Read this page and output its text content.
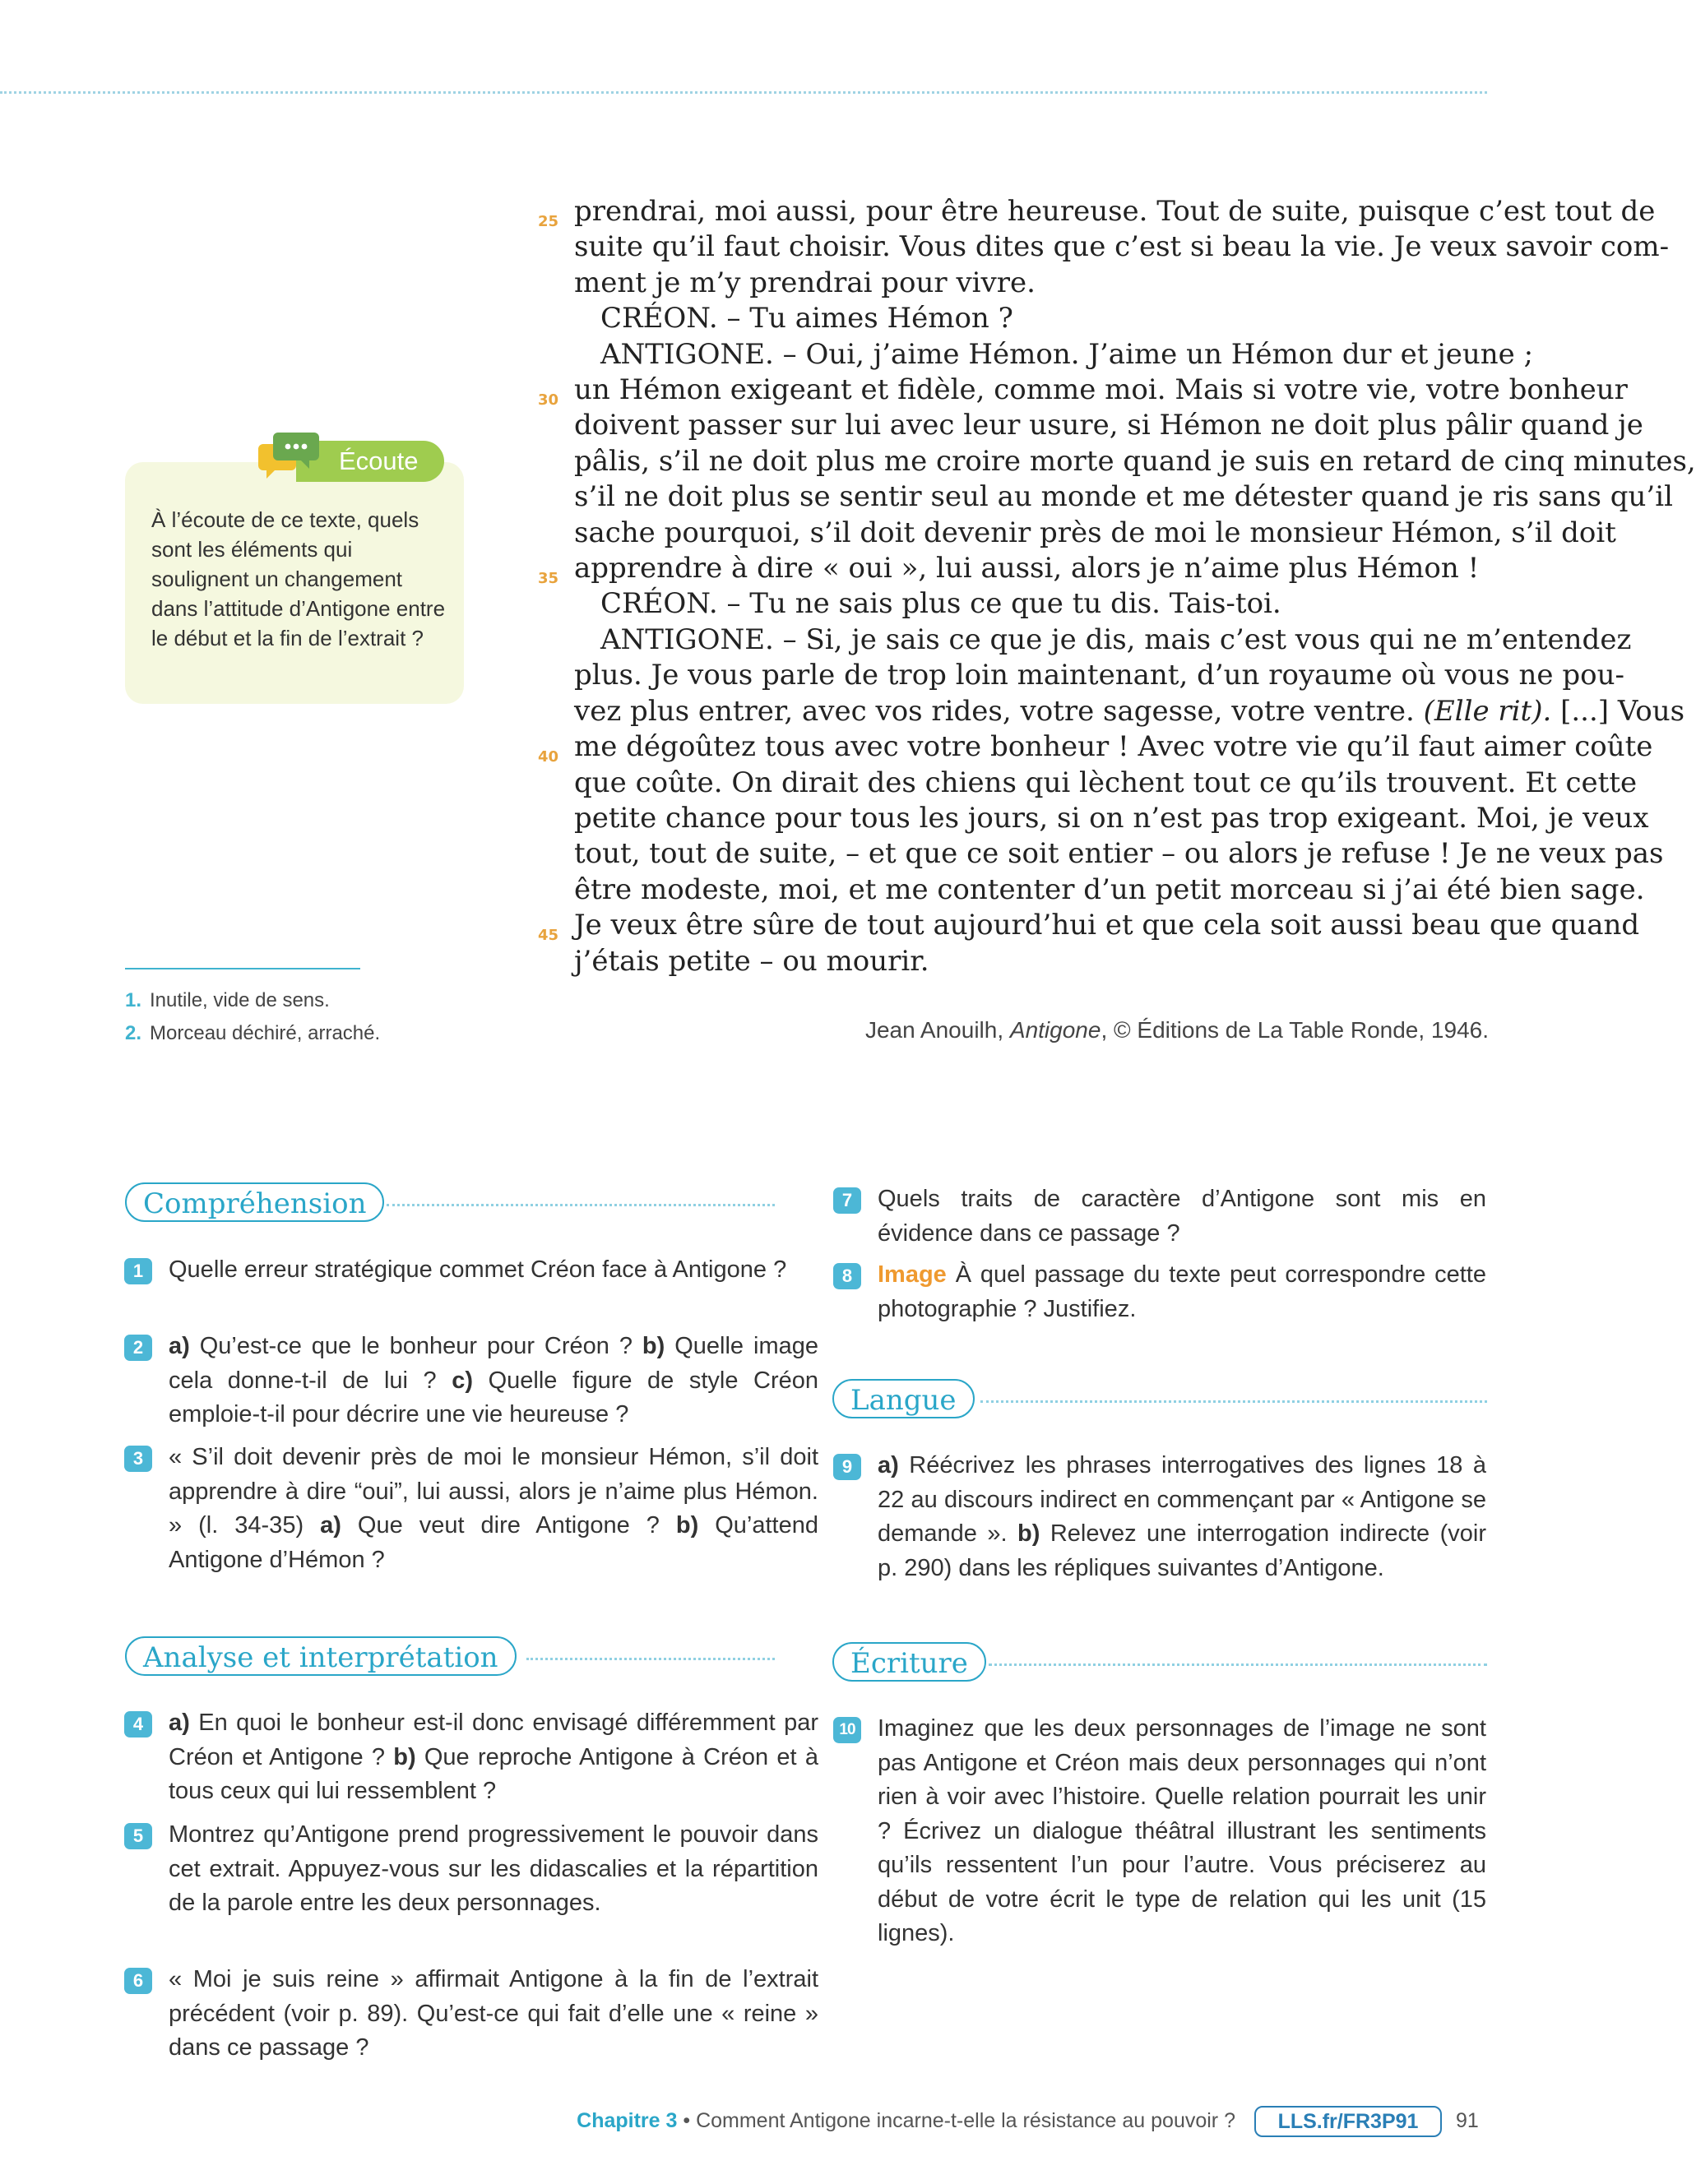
25 prendrai, moi aussi, pour être heureuse. Tout de suite, puisque c’est tout de
suite qu’il faut choisir. Vous dites que c’est si beau la vie. Je veux savoir com-
ment je m’y prendrai pour vivre.
CRÉON. – Tu aimes Hémon ?
ANTIGONE. – Oui, j’aime Hémon. J’aime un Hémon dur et jeune ;
30 un Hémon exigeant et fidèle, comme moi. Mais si votre vie, votre bonheur
doivent passer sur lui avec leur usure, si Hémon ne doit plus pâlir quand je
pâlis, s’il ne doit plus me croire morte quand je suis en retard de cinq minutes,
s’il ne doit plus se sentir seul au monde et me détester quand je ris sans qu’il
sache pourquoi, s’il doit devenir près de moi le monsieur Hémon, s’il doit
35 apprendre à dire « oui », lui aussi, alors je n’aime plus Hémon !
CRÉON. – Tu ne sais plus ce que tu dis. Tais-toi.
ANTIGONE. – Si, je sais ce que je dis, mais c’est vous qui ne m’entendez
plus. Je vous parle de trop loin maintenant, d’un royaume où vous ne pou-
vez plus entrer, avec vos rides, votre sagesse, votre ventre. (Elle rit). [...] Vous
40 me dégoûtez tous avec votre bonheur ! Avec votre vie qu’il faut aimer coûte
que coûte. On dirait des chiens qui lèchent tout ce qu’ils trouvent. Et cette
petite chance pour tous les jours, si on n’est pas trop exigeant. Moi, je veux
tout, tout de suite, – et que ce soit entier – ou alors je refuse ! Je ne veux pas
être modeste, moi, et me contenter d’un petit morceau si j’ai été bien sage.
45 Je veux être sûre de tout aujourd’hui et que cela soit aussi beau que quand
j’étais petite – ou mourir.
Jean Anouilh, Antigone, © Éditions de La Table Ronde, 1946.
Écoute
À l’écoute de ce texte, quels sont les éléments qui soulignent un changement dans l’attitude d’Antigone entre le début et la fin de l’extrait ?
1. Inutile, vide de sens.
2. Morceau déchiré, arraché.
Compréhension
1	Quelle erreur stratégique commet Créon face à Antigone ?

2	a) Qu’est-ce que le bonheur pour Créon ? b) Quelle image cela donne-t-il de lui ? c) Quelle figure de style Créon emploie-t-il pour décrire une vie heureuse ?

3	« S’il doit devenir près de moi le monsieur Hémon, s’il doit apprendre à dire “oui”, lui aussi, alors je n’aime plus Hémon. » (l. 34-35) a) Que veut dire Antigone ? b) Qu’attend Antigone d’Hémon ?

Analyse et interprétation
4	a) En quoi le bonheur est-il donc envisagé différemment par Créon et Antigone ? b) Que reproche Antigone à Créon et à tous ceux qui lui ressemblent ?

5	Montrez qu’Antigone prend progressivement le pouvoir dans cet extrait. Appuyez-vous sur les didascalies et la répartition de la parole entre les deux personnages.

6	« Moi je suis reine » affirmait Antigone à la fin de l’extrait précédent (voir p. 89). Qu’est-ce qui fait d’elle une « reine » dans ce passage ?

7	Quels traits de caractère d’Antigone sont mis en évidence dans ce passage ?

8	Image À quel passage du texte peut correspondre cette photographie ? Justifiez.

Langue
9	a) Réécrivez les phrases interrogatives des lignes 18 à 22 au discours indirect en commençant par « Antigone se demande ». b) Relevez une interrogation indirecte (voir p. 290) dans les répliques suivantes d’Antigone.

Écriture
10 Imaginez que les deux personnages de l’image ne sont pas Antigone et Créon mais deux personnages qui n’ont rien à voir avec l’histoire. Quelle relation pourrait les unir ? Écrivez un dialogue théâtral illustrant les sentiments qu’ils ressentent l’un pour l’autre. Vous préciserez au début de votre écrit le type de relation qui les unit (15 lignes).

Chapitre 3 • Comment Antigone incarne-t-elle la résistance au pouvoir ?	LLS.fr/FR3P91	91
